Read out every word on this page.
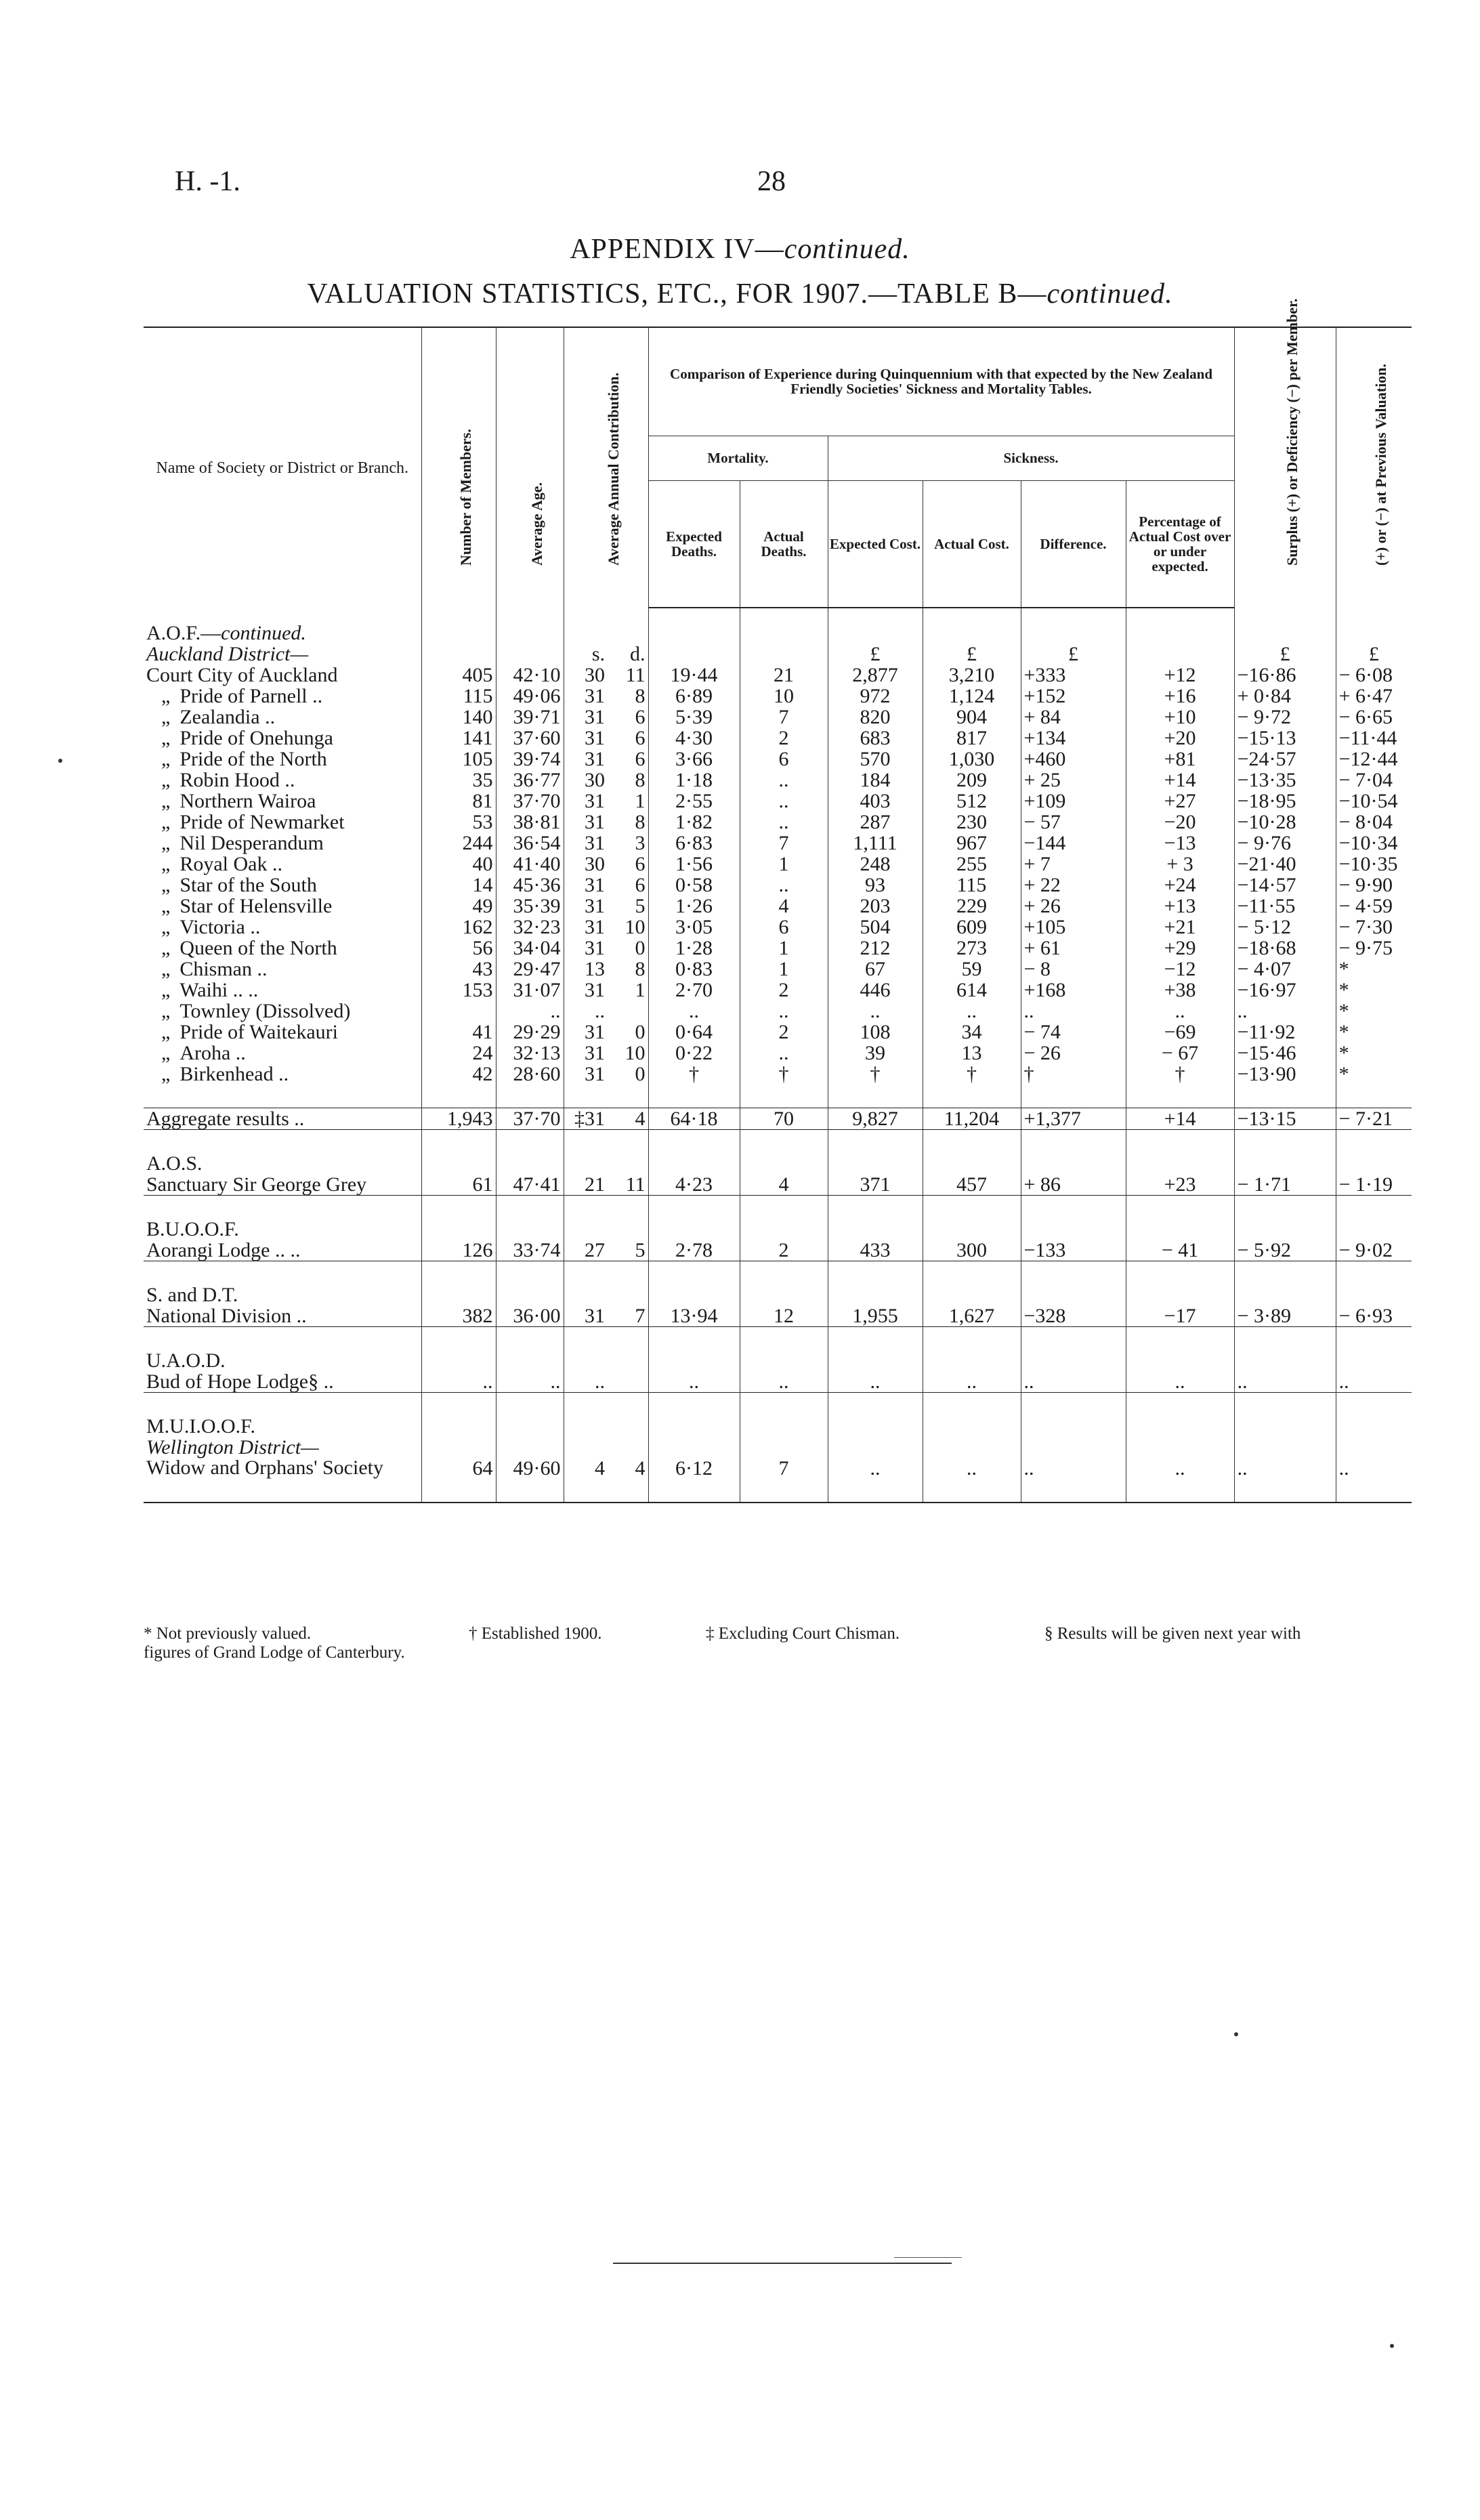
H. -1.	28
APPENDIX IV—continued.
VALUATION STATISTICS, ETC., FOR 1907.—TABLE B—continued.
Name of Society or District or Branch.	Number of Members.	Average Age.	Average Annual Contribution.		Comparison of Experience during Quinquennium with that expected by the New Zealand Friendly Societies' Sickness and Mortality Tables.						Surplus (+) or Deficiency (−) per Member.	(+) or (−) at Previous Valuation.

					Mortality.		Sickness.					
					Expected Deaths.	Actual Deaths.	Expected Cost.	Actual Cost.	Difference.	Percentage of Actual Cost over or under expected.		

A.O.F.—continued.												
Auckland District—			s.	d.			£	£	£		£	£
Court City of Auckland	405	42·10	30	11	19·44	21	2,877	3,210	+333	+12	−16·86	− 6·08
„ Pride of Parnell ..	115	49·06	31	8	6·89	10	972	1,124	+152	+16	+ 0·84	+ 6·47
„ Zealandia ..	140	39·71	31	6	5·39	7	820	904	+ 84	+10	− 9·72	− 6·65
„ Pride of Onehunga	141	37·60	31	6	4·30	2	683	817	+134	+20	−15·13	−11·44
„ Pride of the North	105	39·74	31	6	3·66	6	570	1,030	+460	+81	−24·57	−12·44
„ Robin Hood ..	35	36·77	30	8	1·18	..	184	209	+ 25	+14	−13·35	− 7·04
„ Northern Wairoa	81	37·70	31	1	2·55	..	403	512	+109	+27	−18·95	−10·54
„ Pride of Newmarket	53	38·81	31	8	1·82	..	287	230	− 57	−20	−10·28	− 8·04
„ Nil Desperandum	244	36·54	31	3	6·83	7	1,111	967	−144	−13	− 9·76	−10·34
„ Royal Oak ..	40	41·40	30	6	1·56	1	248	255	+ 7	+ 3	−21·40	−10·35
„ Star of the South	14	45·36	31	6	0·58	..	93	115	+ 22	+24	−14·57	− 9·90
„ Star of Helensville	49	35·39	31	5	1·26	4	203	229	+ 26	+13	−11·55	− 4·59
„ Victoria ..	162	32·23	31	10	3·05	6	504	609	+105	+21	− 5·12	− 7·30
„ Queen of the North	56	34·04	31	0	1·28	1	212	273	+ 61	+29	−18·68	− 9·75
„ Chisman ..	43	29·47	13	8	0·83	1	67	59	− 8	−12	− 4·07	*
„ Waihi .. ..	153	31·07	31	1	2·70	2	446	614	+168	+38	−16·97	*
„ Townley (Dissolved)		..	..		..	..	..	..	..	..	..	*
„ Pride of Waitekauri	41	29·29	31	0	0·64	2	108	34	− 74	−69	−11·92	*
„ Aroha ..	24	32·13	31	10	0·22	..	39	13	− 26	− 67	−15·46	*
„ Birkenhead ..	42	28·60	31	0	†	†	†	†	†	†	−13·90	*

Aggregate results ..	1,943	37·70	‡31	4	64·18	70	9,827	11,204	+1,377	+14	−13·15	− 7·21

A.O.S.												
Sanctuary Sir George Grey	61	47·41	21	11	4·23	4	371	457	+ 86	+23	− 1·71	− 1·19

B.U.O.O.F.												
Aorangi Lodge .. ..	126	33·74	27	5	2·78	2	433	300	−133	− 41	− 5·92	− 9·02

S. and D.T.												
National Division ..	382	36·00	31	7	13·94	12	1,955	1,627	−328	−17	− 3·89	− 6·93

U.A.O.D.												
Bud of Hope Lodge§ ..	..	..	..		..	..	..	..	..	..	..	..

M.U.I.O.O.F.												
Wellington District—												
Widow and Orphans' Society	64	49·60	4	4	6·12	7	..	..	..	..	..	..

* Not previously valued.	† Established 1900.	‡ Excluding Court Chisman.	§ Results will be given next year with
figures of Grand Lodge of Canterbury.
